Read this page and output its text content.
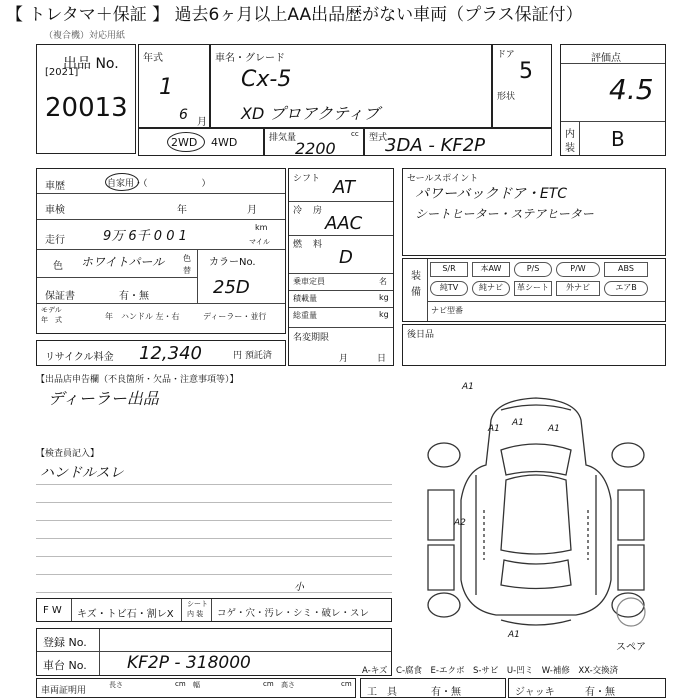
【 トレタマ＋保証 】 過去6ヶ月以上AA出品歴がない車両（プラス保証付）
（複合機）対応用紙
出品 No.
[2021]
20013
年式
1
6 月
車名・グレード
Cx-5
XD プロアクティブ
ドア
5
形状
評価点
4.5
内
装 B
2WD 4WD	排気量	cc
2200
型式
3DA - KF2P
車歴	自家用・（　　　　　　）
車検	年	月
走行	9万 6千 0 0 1
km
マイル
色 ホワイトパール 色
替
カラーNo.
25D
保証書	有・無
モデル
年　式	年 ハンドル 左・右	ディーラー・並行
リサイクル料金 12,340	円 預託済
シフト AT
冷 房
AAC
燃 料
D
乗車定員	名
積載量	kg
総重量	kg
名変期限
月	日
セールスポイント
パワーバックドア・ETC
シートヒーター・ステアヒーター
装
備
ナビ型番
S/R	本AW	P/S	P/W	ABS
純TV	純ナビ	革シート	外ナビ	エアB
後日品
【出品店申告欄（不良箇所・欠品・注意事項等）】
ディーラー出品
【検査員記入】
ハンドルスレ
A1
A1
A1
A1
A2
A1
スペア
F W キズ・トビ石・割レX
シート
内 装 コゲ・穴・汚レ・シミ・破レ・スレ
小
登録 No.
車台 No. KF2P - 318000	A-キズ　C-腐食　E-エクボ　S-サビ　U-凹ミ　W-補修　XX-交換済
車両証明用
長さ	cm 幅	cm 高さ	cm
工　具	有・無	ジャッキ	有・無
